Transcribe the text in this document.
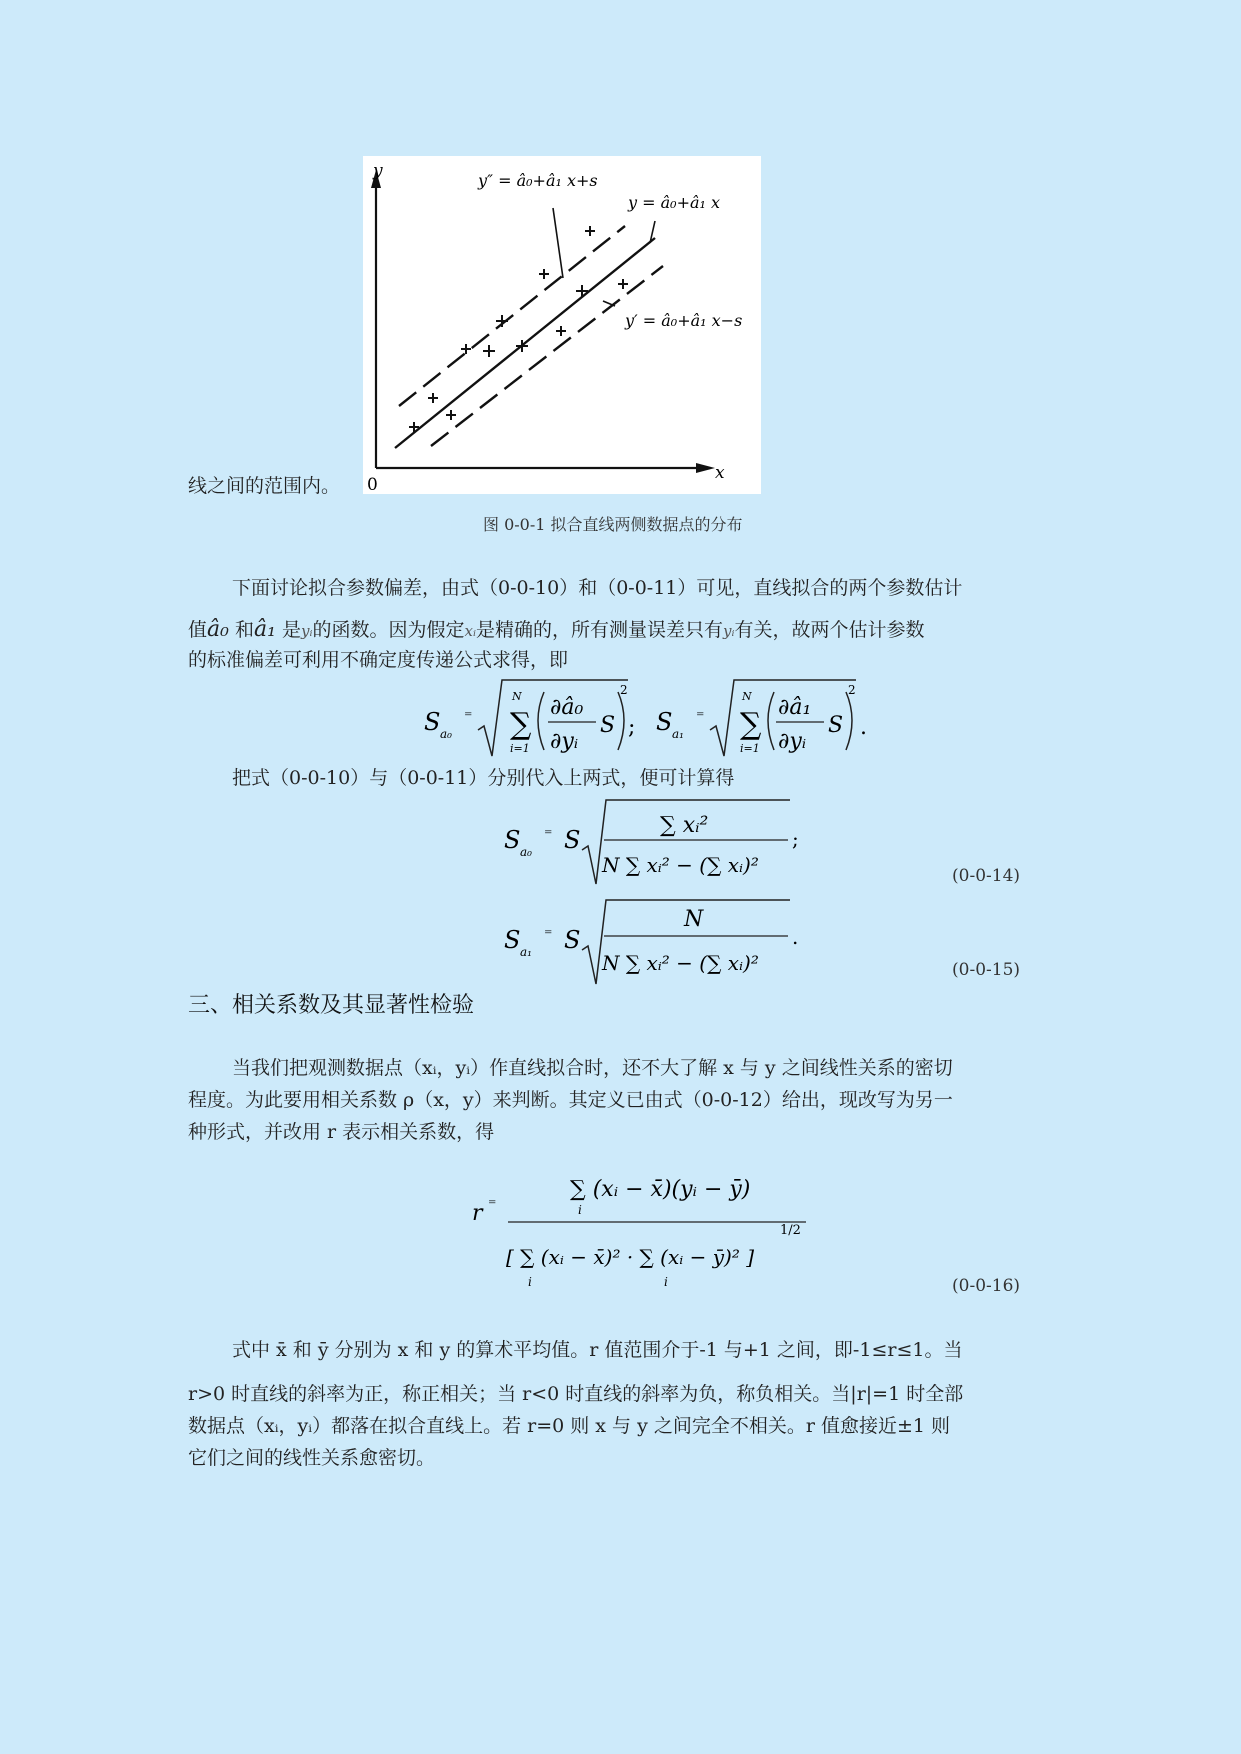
线之间的范围内。
y
x
0
y″ = â₀+â₁ x+s
y = â₀+â₁ x
y′ = â₀+â₁ x−s
图 0-0-1 拟合直线两侧数据点的分布
下面讨论拟合参数偏差，由式（0-0-10）和（0-0-11）可见，直线拟合的两个参数估计
值â₀ 和â₁ 是yᵢ的函数。因为假定xᵢ是精确的，所有测量误差只有yᵢ有关，故两个估计参数
的标准偏差可利用不确定度传递公式求得，即
S a₀
⁼ ∑
N
i=1
∂â₀
∂yᵢ
S
2
; S a₁
⁼ ∑
N
i=1
∂â₁
∂yᵢ
S
2
.
把式（0-0-10）与（0-0-11）分别代入上两式，便可计算得
S a₀
⁼ S
∑ xᵢ²
N ∑ xᵢ² − (∑ xᵢ)²
;
(0-0-14)
S a₁
⁼ S
N
N ∑ xᵢ² − (∑ xᵢ)²
.
(0-0-15)
三、相关系数及其显著性检验
当我们把观测数据点（xᵢ，yᵢ）作直线拟合时，还不大了解 x 与 y 之间线性关系的密切
程度。为此要用相关系数 ρ（x，y）来判断。其定义已由式（0-0-12）给出，现改写为另一
种形式，并改用 r 表示相关系数，得
r ⁼
∑ (xᵢ − x̄)(yᵢ − ȳ)
i
[ ∑ (xᵢ − x̄)² · ∑ (xᵢ − ȳ)² ]
i	i
1/2
(0-0-16)
式中 x̄ 和 ȳ 分别为 x 和 y 的算术平均值。r 值范围介于-1 与+1 之间，即-1≤r≤1。当
r>0 时直线的斜率为正，称正相关；当 r<0 时直线的斜率为负，称负相关。当|r|=1 时全部
数据点（xᵢ，yᵢ）都落在拟合直线上。若 r=0 则 x 与 y 之间完全不相关。r 值愈接近±1 则
它们之间的线性关系愈密切。
